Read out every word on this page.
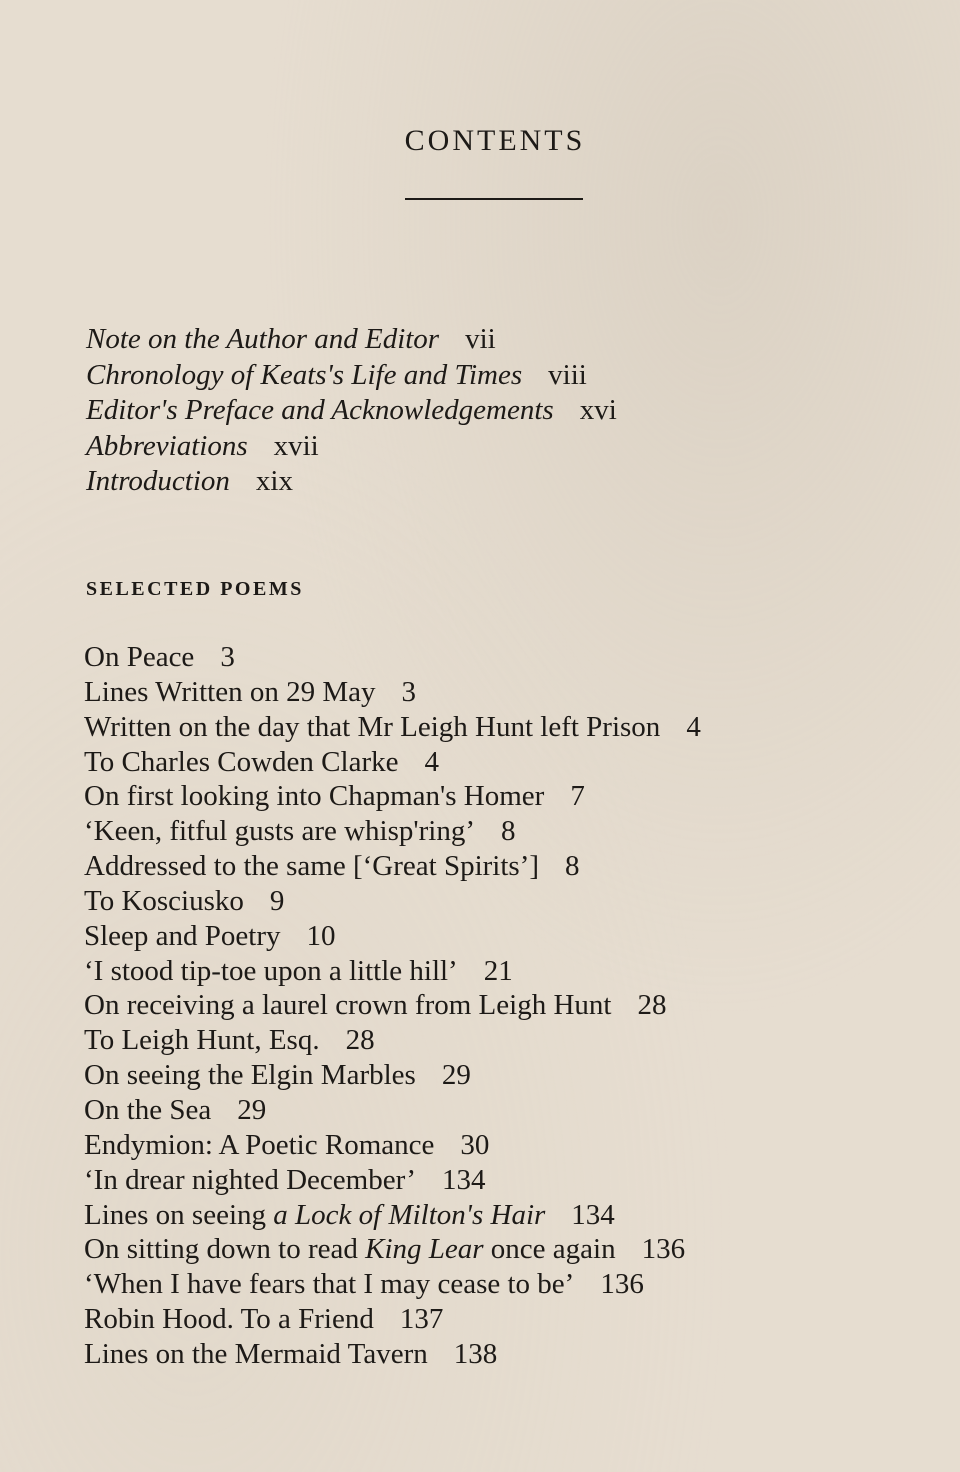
CONTENTS
Note on the Author and Editor vii
Chronology of Keats's Life and Times viii
Editor's Preface and Acknowledgements xvi
Abbreviations xvii
Introduction xix
SELECTED POEMS
On Peace 3
Lines Written on 29 May 3
Written on the day that Mr Leigh Hunt left Prison 4
To Charles Cowden Clarke 4
On first looking into Chapman's Homer 7
‘Keen, fitful gusts are whisp'ring’ 8
Addressed to the same [‘Great Spirits’] 8
To Kosciusko 9
Sleep and Poetry 10
‘I stood tip-toe upon a little hill’ 21
On receiving a laurel crown from Leigh Hunt 28
To Leigh Hunt, Esq. 28
On seeing the Elgin Marbles 29
On the Sea 29
Endymion: A Poetic Romance 30
‘In drear nighted December’ 134
Lines on seeing a Lock of Milton's Hair 134
On sitting down to read King Lear once again 136
‘When I have fears that I may cease to be’ 136
Robin Hood. To a Friend 137
Lines on the Mermaid Tavern 138
